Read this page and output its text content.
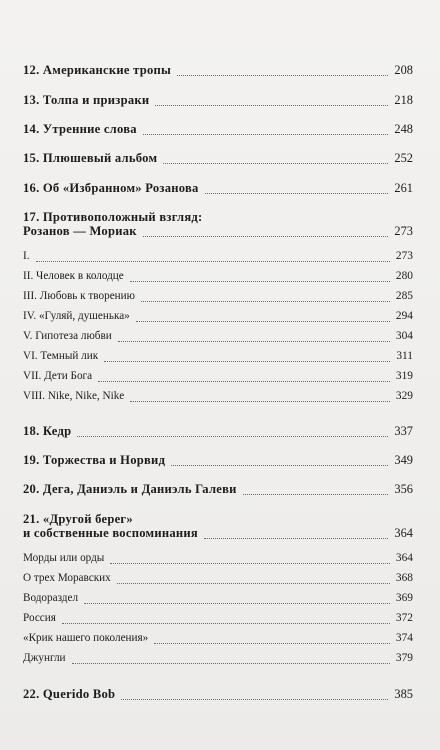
12. Американские тропы	208
13. Толпа и призраки	218
14. Утренние слова	248
15. Плюшевый альбом	252
16. Об «Избранном» Розанова	261
17. Противоположный взгляд:
Розанов — Мориак	273
I.	273
II. Человек в колодце	280
III. Любовь к творению	285
IV. «Гуляй, душенька»	294
V. Гипотеза любви	304
VI. Темный лик	311
VII. Дети Бога	319
VIII. Nike, Nike, Nike	329
18. Кедр	337
19. Торжества и Норвид	349
20. Дега, Даниэль и Даниэль Галеви	356
21. «Другой берег»
и собственные воспоминания	364
Морды или орды	364
О трех Моравских	368
Водораздел	369
Россия	372
«Крик нашего поколения»	374
Джунгли	379
22. Querido Bob	385
